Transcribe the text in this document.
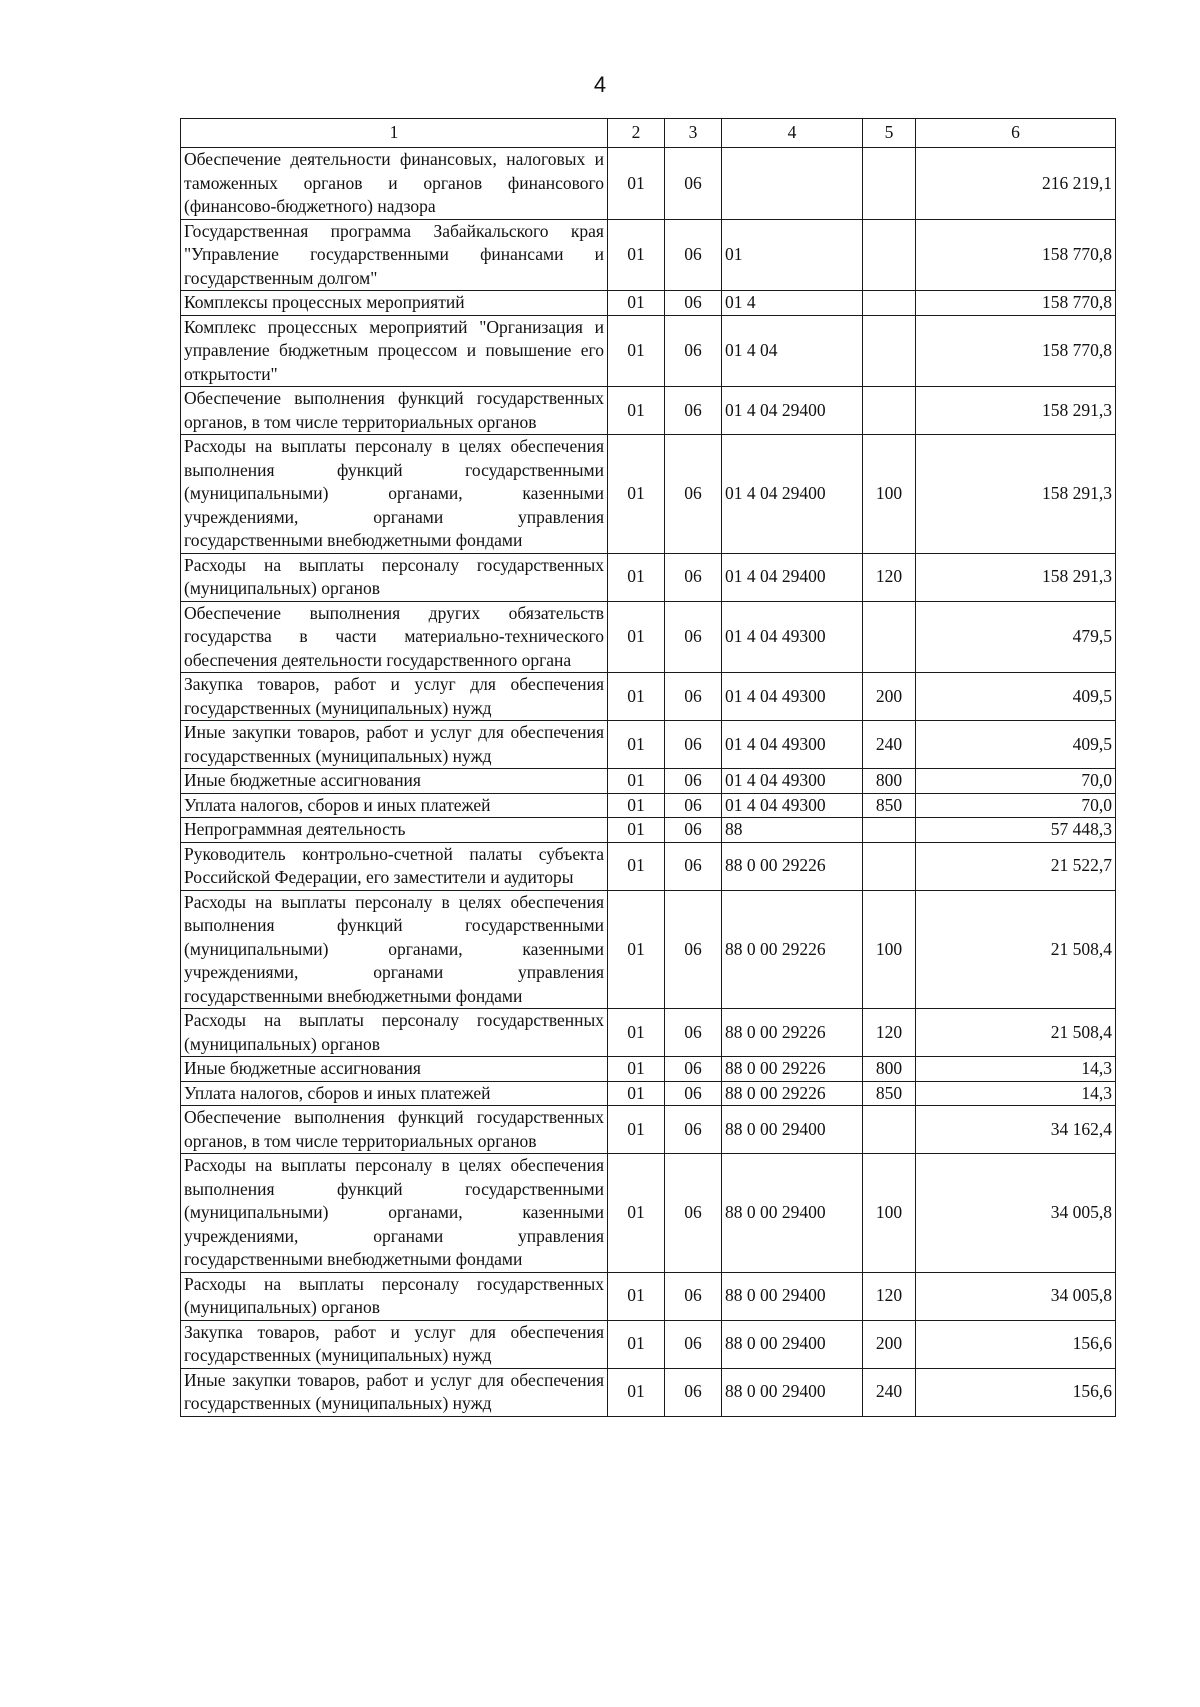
4
1	2	3	4	5	6
Обеспечение деятельности финансовых, налоговых и таможенных органов и органов финансового (финансово-бюджетного) надзора	01	06			216 219,1
Государственная программа Забайкальского края "Управление государственными финансами и государственным долгом"	01	06	01		158 770,8
Комплексы процессных мероприятий	01	06	01 4		158 770,8
Комплекс процессных мероприятий "Организация и управление бюджетным процессом и повышение его открытости"	01	06	01 4 04		158 770,8
Обеспечение выполнения функций государственных органов, в том числе территориальных органов	01	06	01 4 04 29400		158 291,3
Расходы на выплаты персоналу в целях обеспечения выполнения функций государственными (муниципальными) органами, казенными учреждениями, органами управления государственными внебюджетными фондами	01	06	01 4 04 29400	100	158 291,3
Расходы на выплаты персоналу государственных (муниципальных) органов	01	06	01 4 04 29400	120	158 291,3
Обеспечение выполнения других обязательств государства в части материально-технического обеспечения деятельности государственного органа	01	06	01 4 04 49300		479,5
Закупка товаров, работ и услуг для обеспечения государственных (муниципальных) нужд	01	06	01 4 04 49300	200	409,5
Иные закупки товаров, работ и услуг для обеспечения государственных (муниципальных) нужд	01	06	01 4 04 49300	240	409,5
Иные бюджетные ассигнования	01	06	01 4 04 49300	800	70,0
Уплата налогов, сборов и иных платежей	01	06	01 4 04 49300	850	70,0
Непрограммная деятельность	01	06	88		57 448,3
Руководитель контрольно-счетной палаты субъекта Российской Федерации, его заместители и аудиторы	01	06	88 0 00 29226		21 522,7
Расходы на выплаты персоналу в целях обеспечения выполнения функций государственными (муниципальными) органами, казенными учреждениями, органами управления государственными внебюджетными фондами	01	06	88 0 00 29226	100	21 508,4
Расходы на выплаты персоналу государственных (муниципальных) органов	01	06	88 0 00 29226	120	21 508,4
Иные бюджетные ассигнования	01	06	88 0 00 29226	800	14,3
Уплата налогов, сборов и иных платежей	01	06	88 0 00 29226	850	14,3
Обеспечение выполнения функций государственных органов, в том числе территориальных органов	01	06	88 0 00 29400		34 162,4
Расходы на выплаты персоналу в целях обеспечения выполнения функций государственными (муниципальными) органами, казенными учреждениями, органами управления государственными внебюджетными фондами	01	06	88 0 00 29400	100	34 005,8
Расходы на выплаты персоналу государственных (муниципальных) органов	01	06	88 0 00 29400	120	34 005,8
Закупка товаров, работ и услуг для обеспечения государственных (муниципальных) нужд	01	06	88 0 00 29400	200	156,6
Иные закупки товаров, работ и услуг для обеспечения государственных (муниципальных) нужд	01	06	88 0 00 29400	240	156,6
